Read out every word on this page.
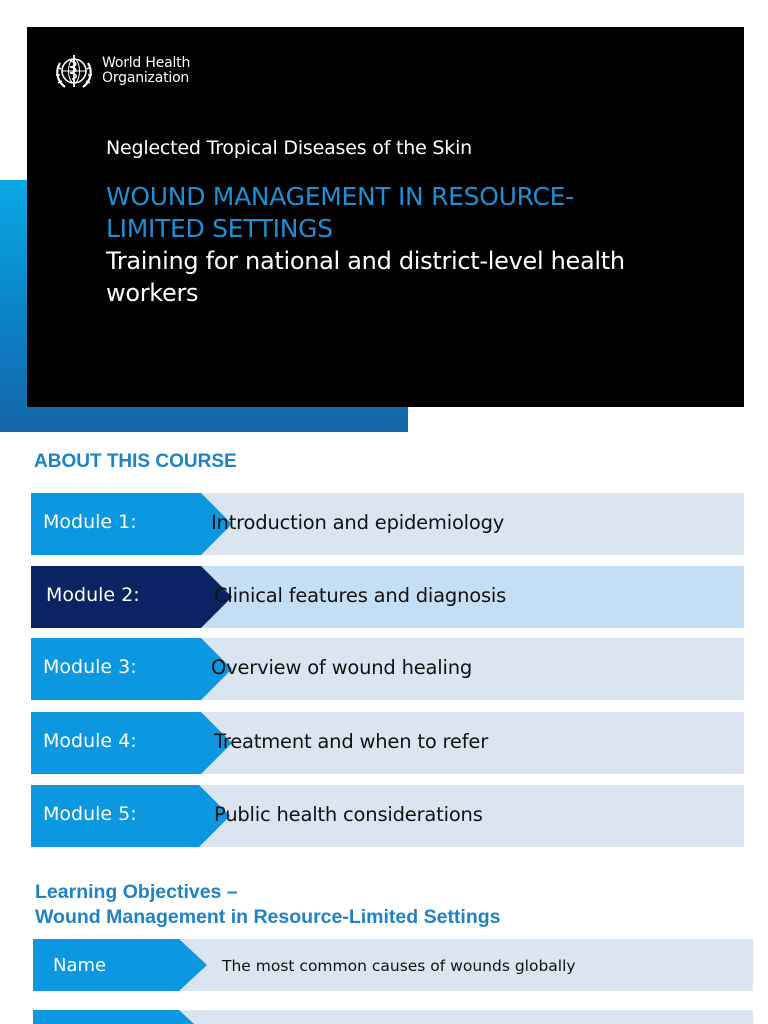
World Health
Organization
Neglected Tropical Diseases of the Skin
WOUND MANAGEMENT IN RESOURCE-LIMITED SETTINGS
Training for national and district-level health workers
ABOUT THIS COURSE
Module 1:	Introduction and epidemiology
Module 2:	Clinical features and diagnosis
Module 3:	Overview of wound healing
Module 4:	Treatment and when to refer
Module 5:	Public health considerations
Learning Objectives –
Wound Management in Resource-Limited Settings
Name	The most common causes of wounds globally
